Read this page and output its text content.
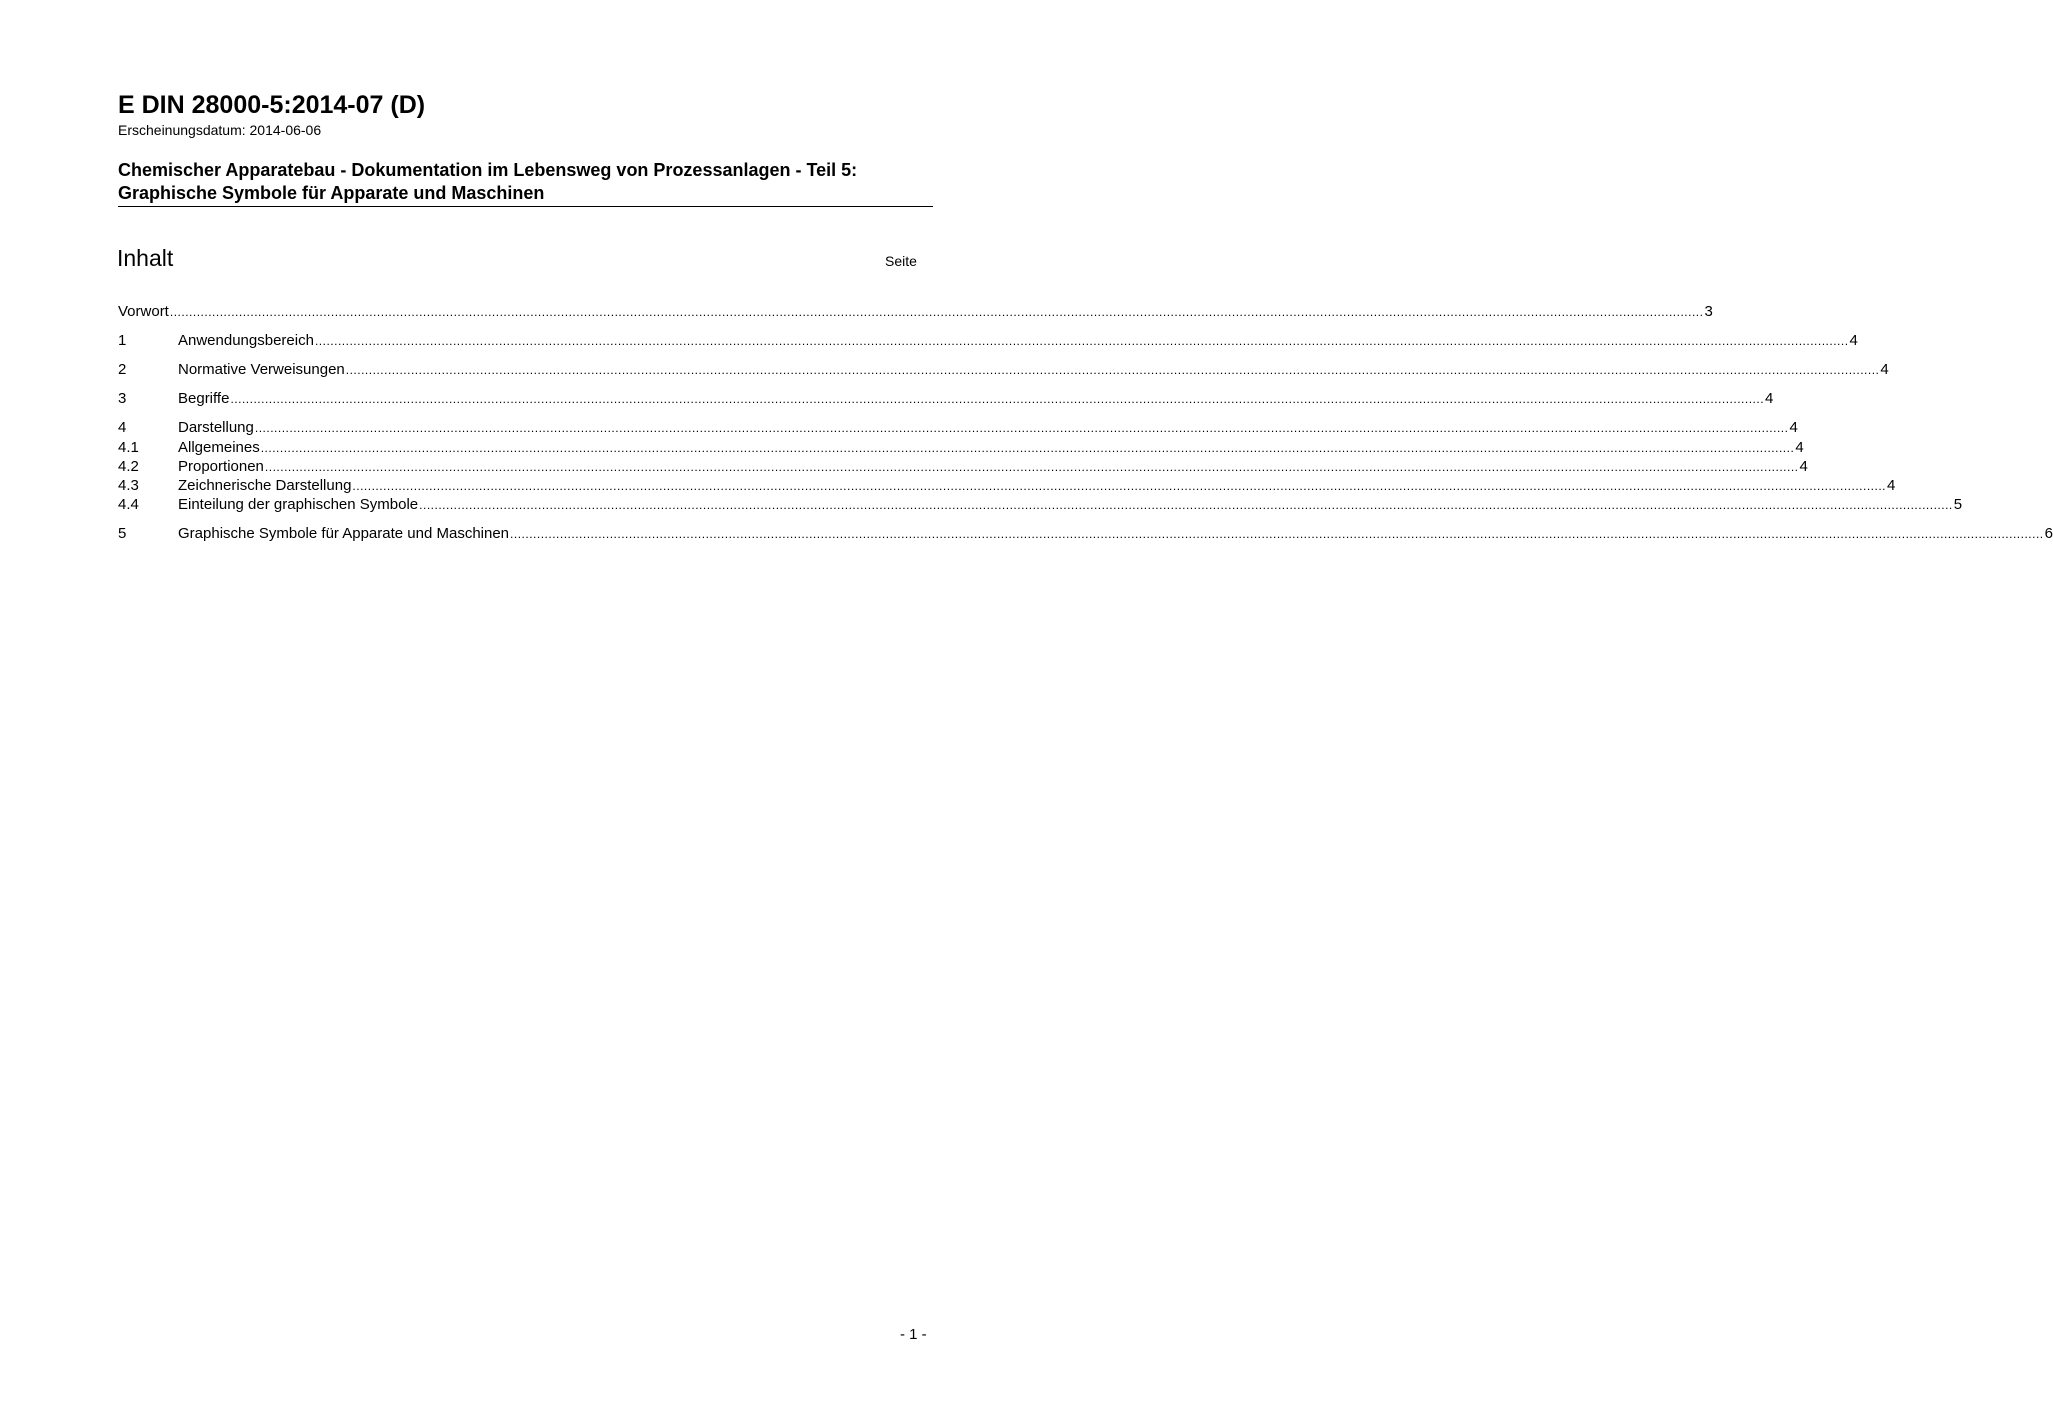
E DIN 28000-5:2014-07 (D)
Erscheinungsdatum: 2014-06-06
Chemischer Apparatebau - Dokumentation im Lebensweg von Prozessanlagen - Teil 5: Graphische Symbole für Apparate und Maschinen
Inhalt	Seite
Vorwort ................................................................................................................................................................................................................................................................................................................................................................................................................ 3
1	Anwendungsbereich ................................................................................................................................................................................................................................................................................................................................................................................................................ 4
2	Normative Verweisungen ................................................................................................................................................................................................................................................................................................................................................................................................................ 4
3	Begriffe ................................................................................................................................................................................................................................................................................................................................................................................................................ 4
4	Darstellung ................................................................................................................................................................................................................................................................................................................................................................................................................ 4
4.1	Allgemeines ................................................................................................................................................................................................................................................................................................................................................................................................................ 4
4.2	Proportionen ................................................................................................................................................................................................................................................................................................................................................................................................................ 4
4.3	Zeichnerische Darstellung ................................................................................................................................................................................................................................................................................................................................................................................................................ 4
4.4	Einteilung der graphischen Symbole ................................................................................................................................................................................................................................................................................................................................................................................................................ 5
5	Graphische Symbole für Apparate und Maschinen ................................................................................................................................................................................................................................................................................................................................................................................................................ 6
- 1 -
